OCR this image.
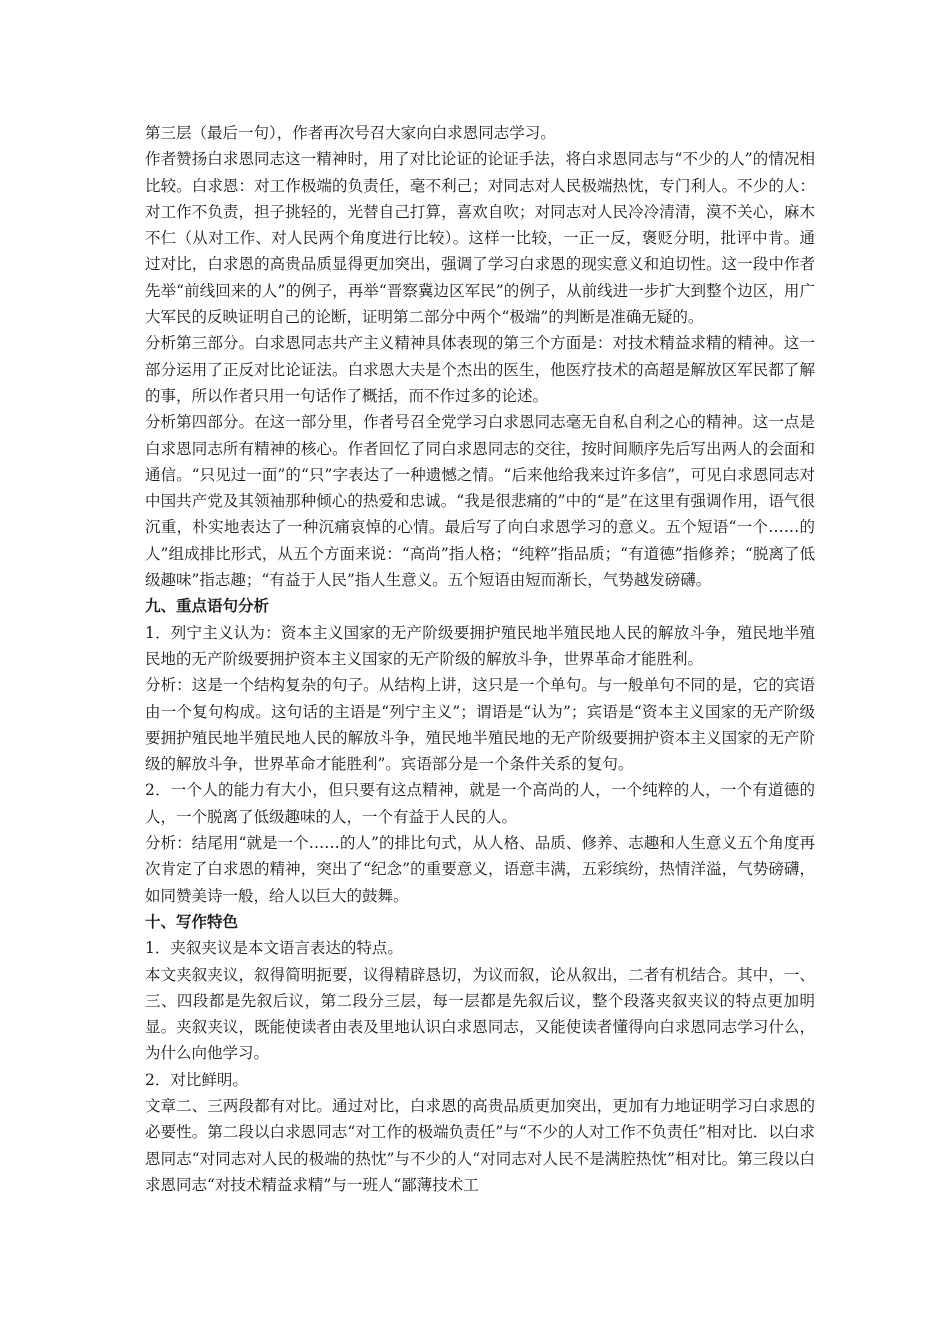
第三层（最后一句），作者再次号召大家向白求恩同志学习。

作者赞扬白求恩同志这一精神时，用了对比论证的论证手法，将白求恩同志与“不少的人”的情况相比较。白求恩：对工作极端的负责任，毫不利己；对同志对人民极端热忱，专门利人。不少的人：对工作不负责，担子挑轻的，光替自己打算，喜欢自吹；对同志对人民冷冷清清，漠不关心，麻木不仁（从对工作、对人民两个角度进行比较）。这样一比较，一正一反，褒贬分明，批评中肯。通过对比，白求恩的高贵品质显得更加突出，强调了学习白求恩的现实意义和迫切性。这一段中作者先举“前线回来的人”的例子，再举“晋察冀边区军民”的例子，从前线进一步扩大到整个边区，用广大军民的反映证明自己的论断，证明第二部分中两个“极端”的判断是准确无疑的。

分析第三部分。白求恩同志共产主义精神具体表现的第三个方面是：对技术精益求精的精神。这一部分运用了正反对比论证法。白求恩大夫是个杰出的医生，他医疗技术的高超是解放区军民都了解的事，所以作者只用一句话作了概括，而不作过多的论述。

分析第四部分。在这一部分里，作者号召全党学习白求恩同志毫无自私自利之心的精神。这一点是白求恩同志所有精神的核心。作者回忆了同白求恩同志的交往，按时间顺序先后写出两人的会面和通信。“只见过一面”的“只”字表达了一种遗憾之情。“后来他给我来过许多信”，可见白求恩同志对中国共产党及其领袖那种倾心的热爱和忠诚。“我是很悲痛的”中的“是”在这里有强调作用，语气很沉重，朴实地表达了一种沉痛哀悼的心情。最后写了向白求恩学习的意义。五个短语“一个……的人”组成排比形式，从五个方面来说：“高尚”指人格；“纯粹”指品质；“有道德”指修养；“脱离了低级趣味”指志趣；“有益于人民”指人生意义。五个短语由短而渐长，气势越发磅礴。

九、重点语句分析

1．列宁主义认为：资本主义国家的无产阶级要拥护殖民地半殖民地人民的解放斗争，殖民地半殖民地的无产阶级要拥护资本主义国家的无产阶级的解放斗争，世界革命才能胜利。

分析：这是一个结构复杂的句子。从结构上讲，这只是一个单句。与一般单句不同的是，它的宾语由一个复句构成。这句话的主语是“列宁主义”；谓语是“认为”；宾语是“资本主义国家的无产阶级要拥护殖民地半殖民地人民的解放斗争，殖民地半殖民地的无产阶级要拥护资本主义国家的无产阶级的解放斗争，世界革命才能胜利”。宾语部分是一个条件关系的复句。

2．一个人的能力有大小，但只要有这点精神，就是一个高尚的人，一个纯粹的人，一个有道德的人，一个脱离了低级趣味的人，一个有益于人民的人。

分析：结尾用“就是一个……的人”的排比句式，从人格、品质、修养、志趣和人生意义五个角度再次肯定了白求恩的精神，突出了“纪念”的重要意义，语意丰满，五彩缤纷，热情洋溢，气势磅礴，如同赞美诗一般，给人以巨大的鼓舞。

十、写作特色

1．夹叙夹议是本文语言表达的特点。

本文夹叙夹议，叙得简明扼要，议得精辟恳切，为议而叙，论从叙出，二者有机结合。其中，一、三、四段都是先叙后议，第二段分三层，每一层都是先叙后议，整个段落夹叙夹议的特点更加明显。夹叙夹议，既能使读者由表及里地认识白求恩同志，又能使读者懂得向白求恩同志学习什么，为什么向他学习。

2．对比鲜明。

文章二、三两段都有对比。通过对比，白求恩的高贵品质更加突出，更加有力地证明学习白求恩的必要性。第二段以白求恩同志“对工作的极端负责任”与“不少的人对工作不负责任”相对比．以白求恩同志“对同志对人民的极端的热忱”与不少的人“对同志对人民不是满腔热忱”相对比。第三段以白求恩同志“对技术精益求精”与一班人“鄙薄技术工
